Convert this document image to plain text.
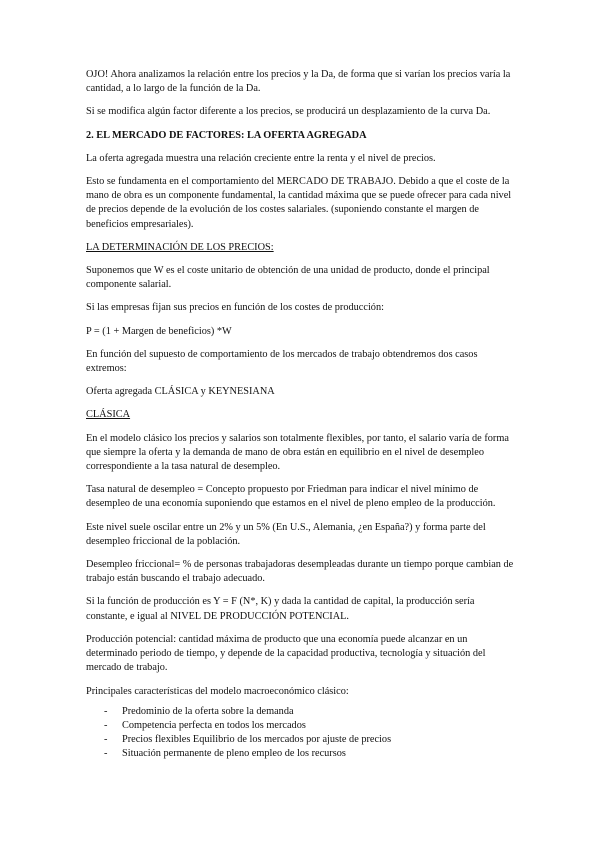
OJO! Ahora analizamos la relación entre los precios y la Da, de forma que si varían los precios varía la cantidad, a lo largo de la función de la Da.

Si se modifica algún factor diferente a los precios, se producirá un desplazamiento de la curva Da.

2. EL MERCADO DE FACTORES: LA OFERTA AGREGADA

La oferta agregada muestra una relación creciente entre la renta y el nivel de precios.

Esto se fundamenta en el comportamiento del MERCADO DE TRABAJO. Debido a que el coste de la mano de obra es un componente fundamental, la cantidad máxima que se puede ofrecer para cada nivel de precios depende de la evolución de los costes salariales. (suponiendo constante el margen de beneficios empresariales).

LA DETERMINACIÓN DE LOS PRECIOS:

Suponemos que W es el coste unitario de obtención de una unidad de producto, donde el principal componente salarial.

Si las empresas fijan sus precios en función de los costes de producción:

P = (1 + Margen de beneficios) *W

En función del supuesto de comportamiento de los mercados de trabajo obtendremos dos casos extremos:

Oferta agregada CLÁSICA y KEYNESIANA

CLÁSICA

En el modelo clásico los precios y salarios son totalmente flexibles, por tanto, el salario varía de forma que siempre la oferta y la demanda de mano de obra están en equilibrio en el nivel de desempleo correspondiente a la tasa natural de desempleo.

Tasa natural de desempleo = Concepto propuesto por Friedman para indicar el nivel mínimo de desempleo de una economía suponiendo que estamos en el nivel de pleno empleo de la producción.

Este nivel suele oscilar entre un 2% y un 5% (En U.S., Alemania, ¿en España?) y forma parte del desempleo friccional de la población.

Desempleo friccional= % de personas trabajadoras desempleadas durante un tiempo porque cambian de trabajo están buscando el trabajo adecuado.

Si la función de producción es Y = F (N*, K) y dada la cantidad de capital, la producción sería constante, e igual al NIVEL DE PRODUCCIÓN POTENCIAL.

Producción potencial: cantidad máxima de producto que una economía puede alcanzar en un determinado periodo de tiempo, y depende de la capacidad productiva, tecnología y situación del mercado de trabajo.

Principales características del modelo macroeconómico clásico:

- Predominio de la oferta sobre la demanda
- Competencia perfecta en todos los mercados
- Precios flexibles Equilibrio de los mercados por ajuste de precios
- Situación permanente de pleno empleo de los recursos
